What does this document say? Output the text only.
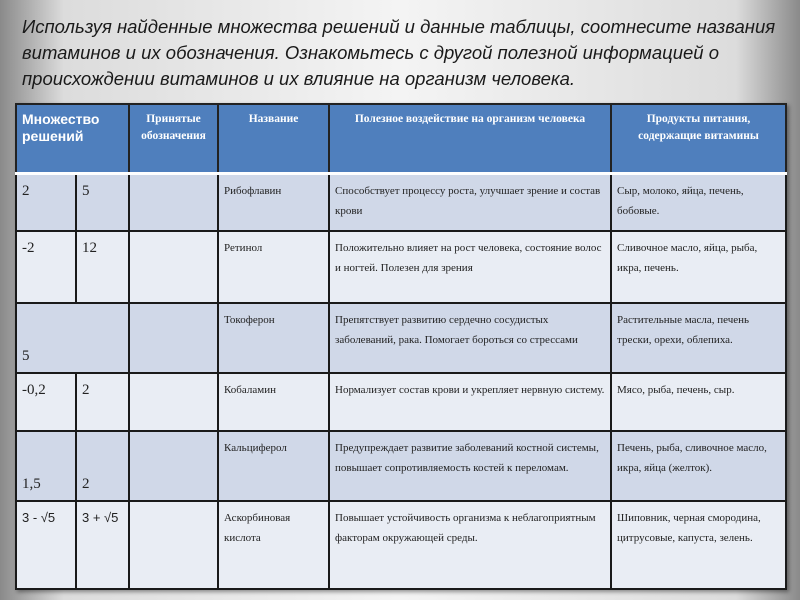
Используя найденные множества решений и данные таблицы, соотнесите названия витаминов и их обозначения. Ознакомьтесь с другой полезной информацией о происхождении витаминов и их влияние на организм человека.

Множество решений		Принятые обозначения	Название	Полезное воздействие на организм человека	Продукты питания, содержащие витамины
2	5		Рибофлавин	Способствует процессу роста, улучшает зрение и состав крови	Сыр, молоко, яйца, печень, бобовые.
-2	12		Ретинол	Положительно влияет на рост человека, состояние волос и ногтей. Полезен для зрения	Сливочное масло, яйца, рыба, икра, печень.
5			Токоферон	Препятствует развитию сердечно сосудистых заболеваний, рака. Помогает бороться со стрессами	Растительные масла, печень трески, орехи, облепиха.
-0,2	2		Кобаламин	Нормализует состав крови и укрепляет нервную систему.	Мясо, рыба, печень, сыр.
1,5	2		Кальциферол	Предупреждает развитие заболеваний костной системы, повышает сопротивляемость костей к переломам.	Печень, рыба, сливочное масло, икра, яйца (желток).
3 - √5	3 + √5		Аскорбиновая кислота	Повышает устойчивость организма к неблагоприятным факторам окружающей среды.	Шиповник, черная смородина, цитрусовые, капуста, зелень.
